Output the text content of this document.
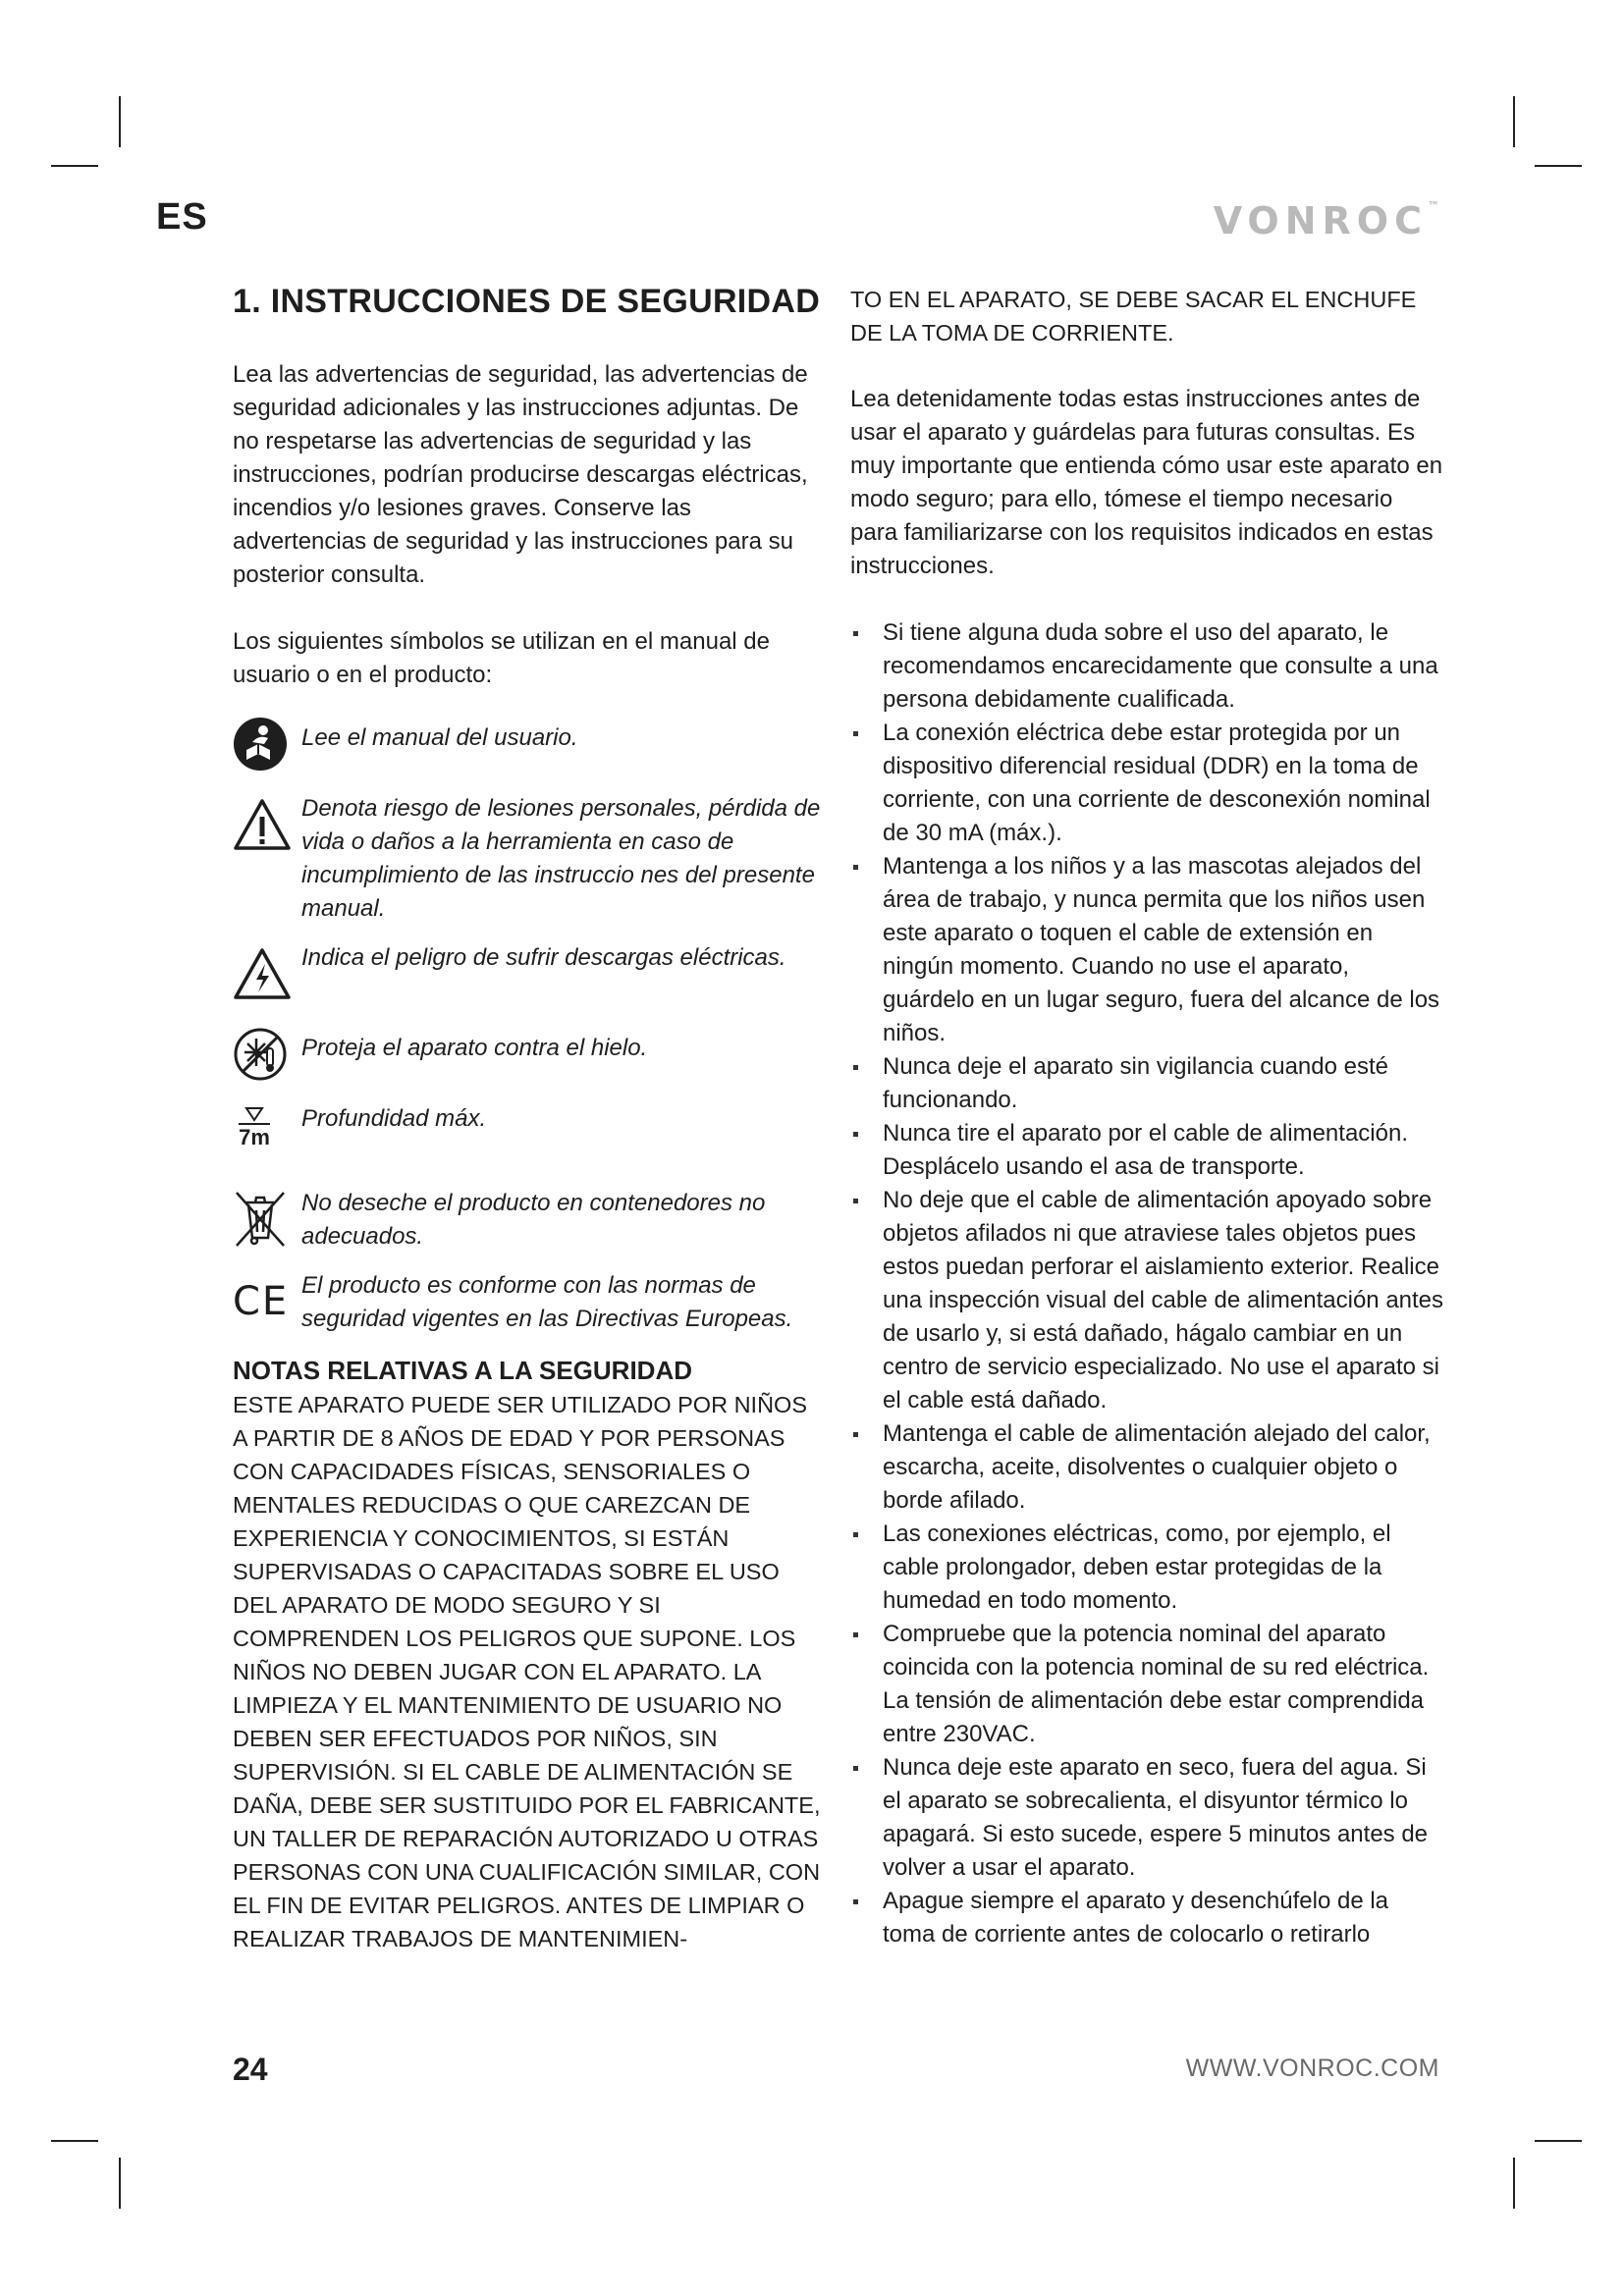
ES	VONROC™
1. INSTRUCCIONES DE SEGURIDAD

Lea las advertencias de seguridad, las advertencias de seguridad adicionales y las instrucciones adjuntas. De no respetarse las advertencias de seguridad y las instrucciones, podrían producirse descargas eléctricas, incendios y/o lesiones graves. Conserve las advertencias de seguridad y las instrucciones para su posterior consulta.

Los siguientes símbolos se utilizan en el manual de usuario o en el producto:

Lee el manual del usuario.
Denota riesgo de lesiones personales, pérdida de vida o daños a la herramienta en caso de incumplimiento de las instruccio nes del presente manual.
Indica el peligro de sufrir descargas eléctricas.
Proteja el aparato contra el hielo.
7m
Profundidad máx.
No deseche el producto en contenedores no adecuados.
CE El producto es conforme con las normas de seguridad vigentes en las Directivas Europeas.
NOTAS RELATIVAS A LA SEGURIDAD

ESTE APARATO PUEDE SER UTILIZADO POR NIÑOS A PARTIR DE 8 AÑOS DE EDAD Y POR PERSONAS CON CAPACIDADES FÍSICAS, SENSORIALES O MENTALES REDUCIDAS O QUE CAREZCAN DE EXPERIENCIA Y CONOCIMIENTOS, SI ESTÁN SUPERVISADAS O CAPACITADAS SOBRE EL USO DEL APARATO DE MODO SEGURO Y SI COMPRENDEN LOS PELIGROS QUE SUPONE. LOS NIÑOS NO DEBEN JUGAR CON EL APARATO. LA LIMPIEZA Y EL MANTENIMIENTO DE USUARIO NO DEBEN SER EFECTUADOS POR NIÑOS, SIN SUPERVISIÓN. SI EL CABLE DE ALIMENTACIÓN SE DAÑA, DEBE SER SUSTITUIDO POR EL FABRICANTE, UN TALLER DE REPARACIÓN AUTORIZADO U OTRAS PERSONAS CON UNA CUALIFICACIÓN SIMILAR, CON EL FIN DE EVITAR PELIGROS. ANTES DE LIMPIAR O REALIZAR TRABAJOS DE MANTENIMIEN-

TO EN EL APARATO, SE DEBE SACAR EL ENCHUFE DE LA TOMA DE CORRIENTE.

Lea detenidamente todas estas instrucciones antes de usar el aparato y guárdelas para futuras consultas. Es muy importante que entienda cómo usar este aparato en modo seguro; para ello, tómese el tiempo necesario para familiarizarse con los requisitos indicados en estas instrucciones.

Si tiene alguna duda sobre el uso del aparato, le recomendamos encarecidamente que consulte a una persona debidamente cualificada.
La conexión eléctrica debe estar protegida por un dispositivo diferencial residual (DDR) en la toma de corriente, con una corriente de desconexión nominal de 30 mA (máx.).
Mantenga a los niños y a las mascotas alejados del área de trabajo, y nunca permita que los niños usen este aparato o toquen el cable de extensión en ningún momento. Cuando no use el aparato, guárdelo en un lugar seguro, fuera del alcance de los niños.
Nunca deje el aparato sin vigilancia cuando esté funcionando.
Nunca tire el aparato por el cable de alimentación. Desplácelo usando el asa de transporte.
No deje que el cable de alimentación apoyado sobre objetos afilados ni que atraviese tales objetos pues estos puedan perforar el aislamiento exterior. Realice una inspección visual del cable de alimentación antes de usarlo y, si está dañado, hágalo cambiar en un centro de servicio especializado. No use el aparato si el cable está dañado.
Mantenga el cable de alimentación alejado del calor, escarcha, aceite, disolventes o cualquier objeto o borde afilado.
Las conexiones eléctricas, como, por ejemplo, el cable prolongador, deben estar protegidas de la humedad en todo momento.
Compruebe que la potencia nominal del aparato coincida con la potencia nominal de su red eléctrica. La tensión de alimentación debe estar comprendida entre 230VAC.
Nunca deje este aparato en seco, fuera del agua. Si el aparato se sobrecalienta, el disyuntor térmico lo apagará. Si esto sucede, espere 5 minutos antes de volver a usar el aparato.
Apague siempre el aparato y desenchúfelo de la toma de corriente antes de colocarlo o retirarlo
24	WWW.VONROC.COM
